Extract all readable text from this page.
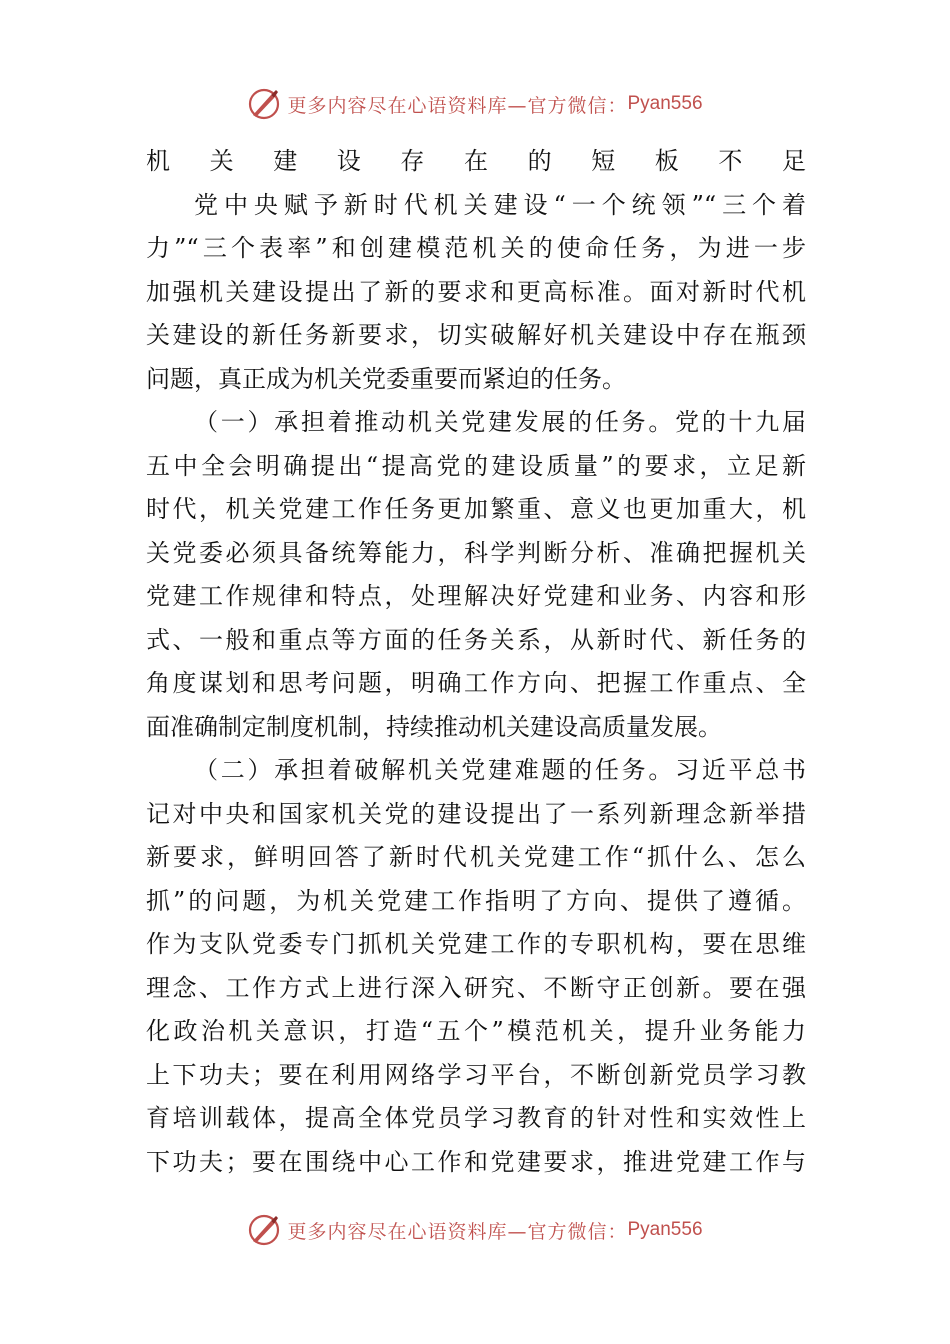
更多内容尽在心语资料库—官方微信： Pyan556
机关建设存在的短板不足
党中央赋予新时代机关建设“一个统领”“三个着
力”“三个表率”和创建模范机关的使命任务，为进一步
加强机关建设提出了新的要求和更高标准。面对新时代机
关建设的新任务新要求，切实破解好机关建设中存在瓶颈
问题，真正成为机关党委重要而紧迫的任务。
（一）承担着推动机关党建发展的任务。党的十九届
五中全会明确提出“提高党的建设质量”的要求，立足新
时代，机关党建工作任务更加繁重、意义也更加重大，机
关党委必须具备统筹能力，科学判断分析、准确把握机关
党建工作规律和特点，处理解决好党建和业务、内容和形
式、一般和重点等方面的任务关系，从新时代、新任务的
角度谋划和思考问题，明确工作方向、把握工作重点、全
面准确制定制度机制，持续推动机关建设高质量发展。
（二）承担着破解机关党建难题的任务。习近平总书
记对中央和国家机关党的建设提出了一系列新理念新举措
新要求，鲜明回答了新时代机关党建工作“抓什么、怎么
抓”的问题，为机关党建工作指明了方向、提供了遵循。
作为支队党委专门抓机关党建工作的专职机构，要在思维
理念、工作方式上进行深入研究、不断守正创新。要在强
化政治机关意识，打造“五个”模范机关，提升业务能力
上下功夫；要在利用网络学习平台，不断创新党员学习教
育培训载体，提高全体党员学习教育的针对性和实效性上
下功夫；要在围绕中心工作和党建要求，推进党建工作与
更多内容尽在心语资料库—官方微信： Pyan556
